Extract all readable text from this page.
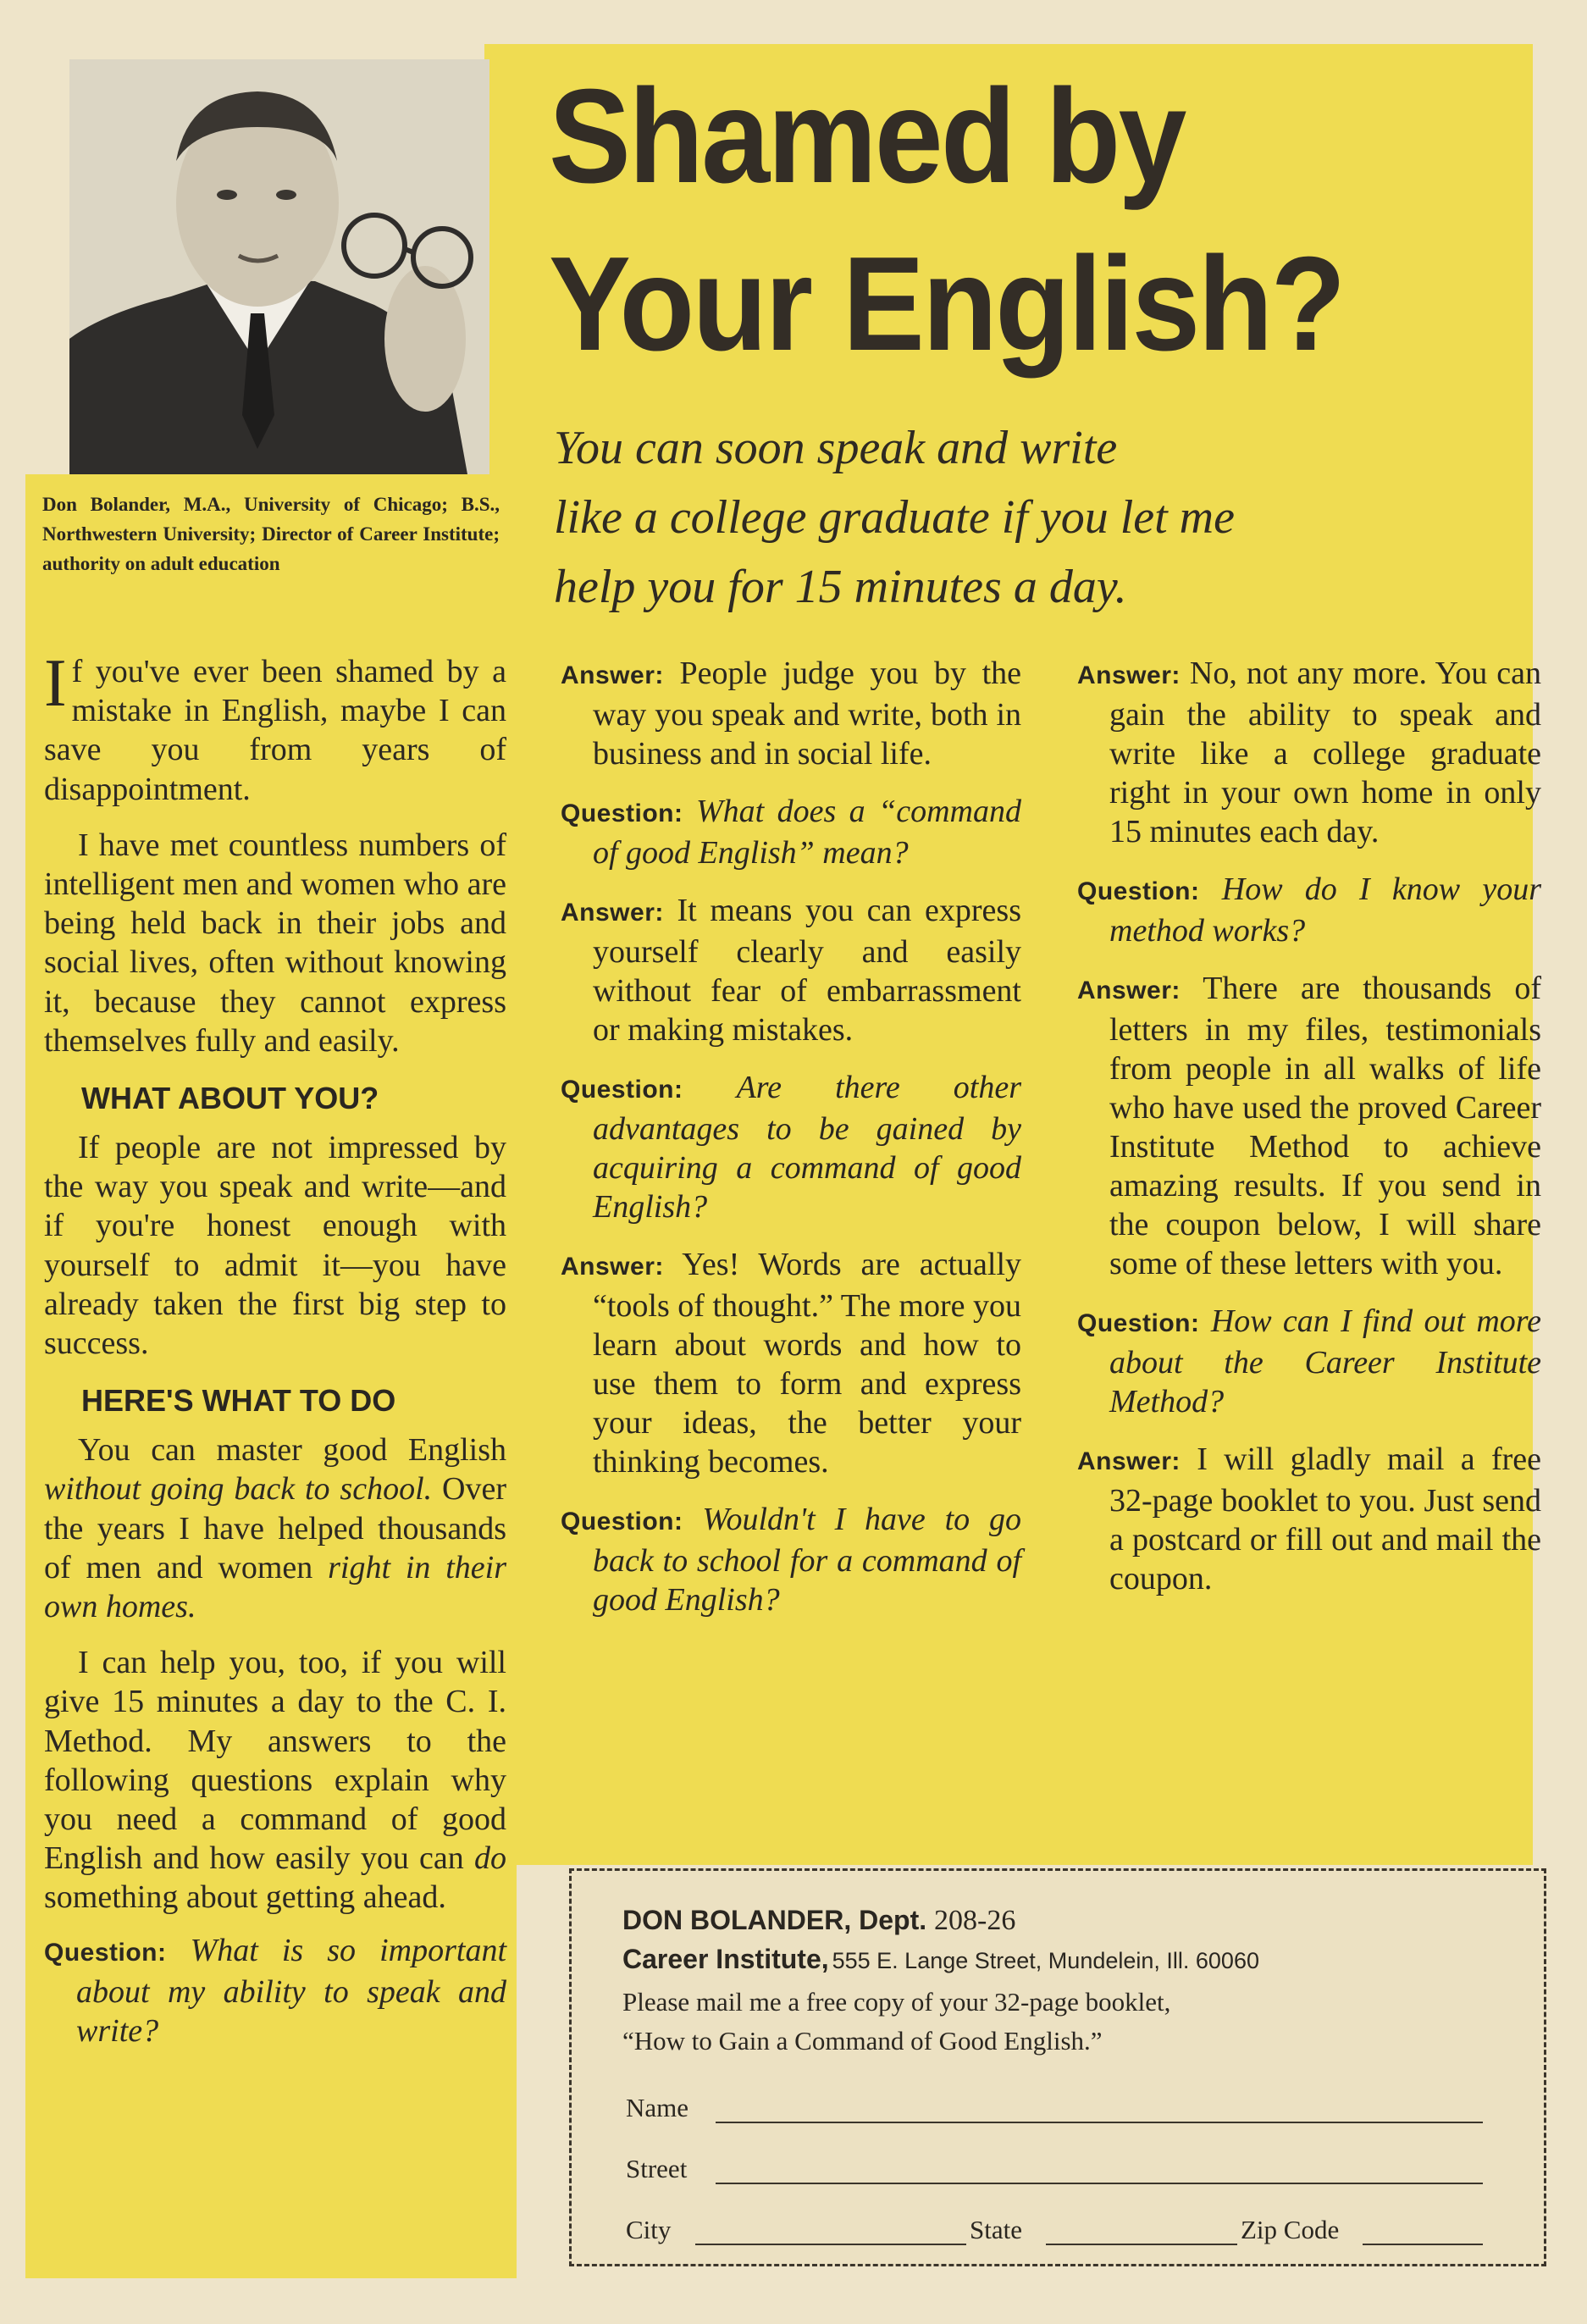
Don Bolander, M.A., University of Chicago; B.S., Northwestern University; Director of Career Institute; authority on adult education
Shamed by
Your English?
You can soon speak and write
like a college graduate if you let me
help you for 15 minutes a day.

If you've ever been shamed by a mistake in English, maybe I can save you from years of disappointment.

I have met countless numbers of intelligent men and women who are being held back in their jobs and social lives, often without knowing it, because they cannot express themselves fully and easily.

WHAT ABOUT YOU?

If people are not impressed by the way you speak and write—and if you're honest enough with yourself to admit it—you have already taken the first big step to success.

HERE'S WHAT TO DO

You can master good English without going back to school. Over the years I have helped thousands of men and women right in their own homes.

I can help you, too, if you will give 15 minutes a day to the C. I. Method. My answers to the following questions explain why you need a command of good English and how easily you can do something about getting ahead.

Question: What is so important about my ability to speak and write?
Answer: People judge you by the way you speak and write, both in business and in social life.
Question: What does a “command of good English” mean?
Answer: It means you can express yourself clearly and easily without fear of embarrassment or making mistakes.
Question: Are there other advantages to be gained by acquiring a command of good English?
Answer: Yes! Words are actually “tools of thought.” The more you learn about words and how to use them to form and express your ideas, the better your thinking becomes.
Question: Wouldn't I have to go back to school for a command of good English?
Answer: No, not any more. You can gain the ability to speak and write like a college graduate right in your own home in only 15 minutes each day.
Question: How do I know your method works?
Answer: There are thousands of letters in my files, testimonials from people in all walks of life who have used the proved Career Institute Method to achieve amazing results. If you send in the coupon below, I will share some of these letters with you.
Question: How can I find out more about the Career Institute Method?
Answer: I will gladly mail a free 32-page booklet to you. Just send a postcard or fill out and mail the coupon.
DON BOLANDER, Dept. 208-26
Career Institute, 555 E. Lange Street, Mundelein, Ill. 60060
Please mail me a free copy of your 32-page booklet,
“How to Gain a Command of Good English.”
Name
Street
City	State	Zip Code
